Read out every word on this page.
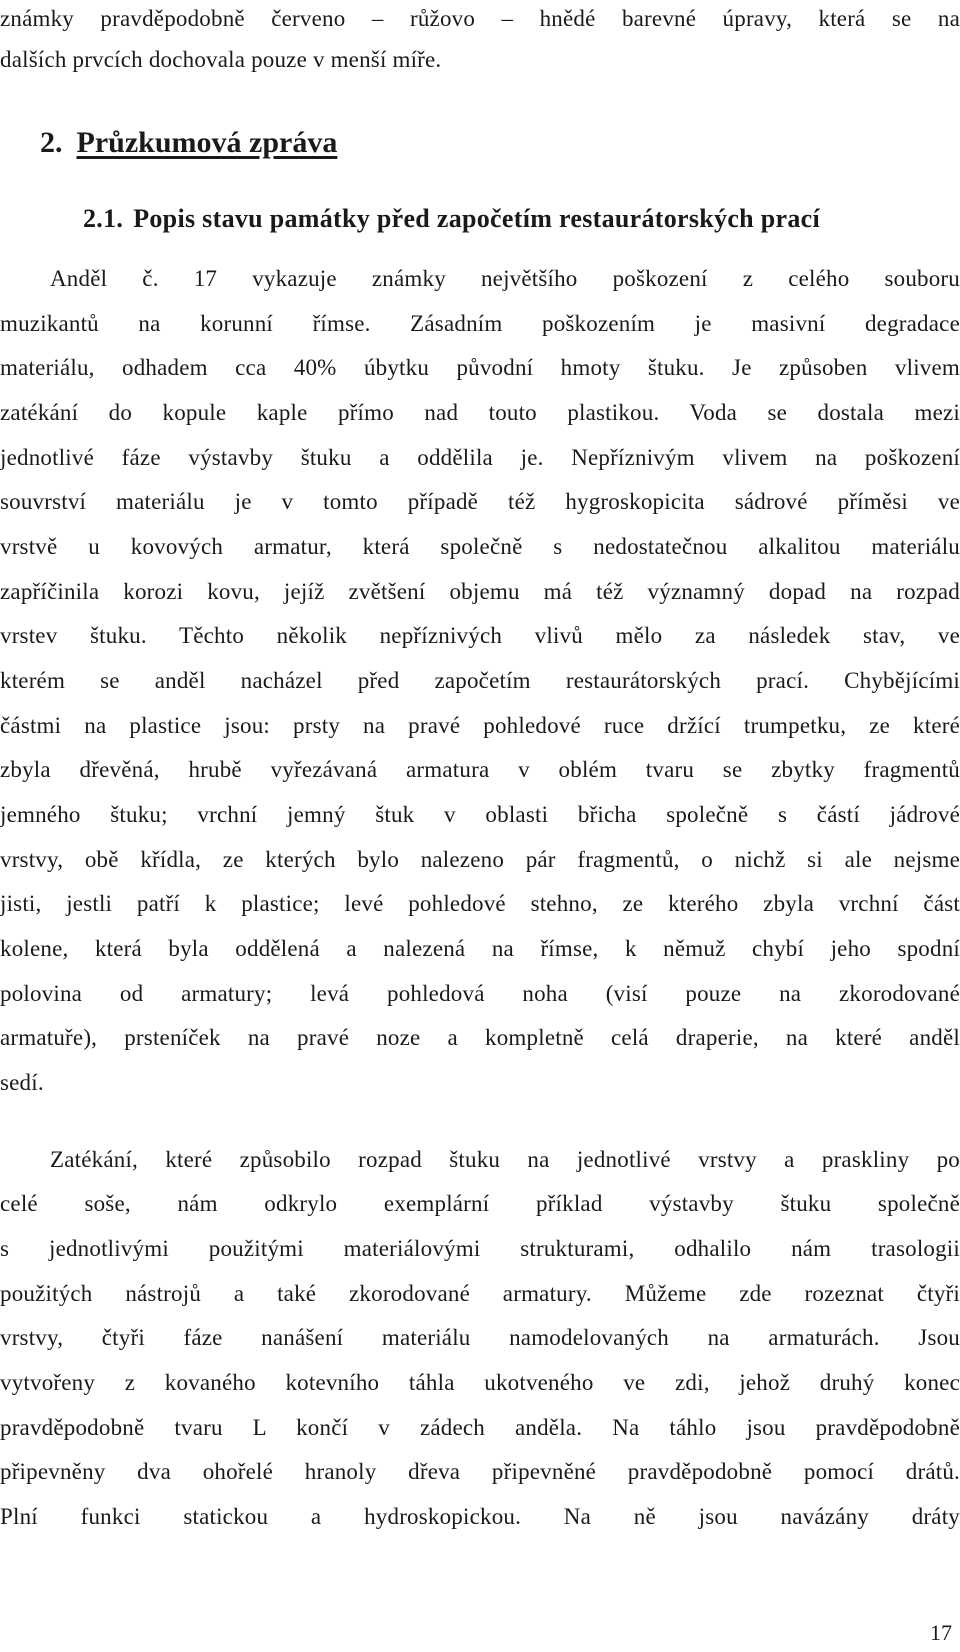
známky pravděpodobně červeno – růžovo – hnědé barevné úpravy, která se na
dalších prvcích dochovala pouze v menší míře.
2. Průzkumová zpráva
2.1. Popis stavu památky před započetím restaurátorských prací
Anděl č. 17 vykazuje známky největšího poškození z celého souboru
muzikantů na korunní římse. Zásadním poškozením je masivní degradace
materiálu, odhadem cca 40% úbytku původní hmoty štuku. Je způsoben vlivem
zatékání do kopule kaple přímo nad touto plastikou. Voda se dostala mezi
jednotlivé fáze výstavby štuku a oddělila je. Nepříznivým vlivem na poškození
souvrství materiálu je v tomto případě též hygroskopicita sádrové příměsi ve
vrstvě u kovových armatur, která společně s nedostatečnou alkalitou materiálu
zapříčinila korozi kovu, jejíž zvětšení objemu má též významný dopad na rozpad
vrstev štuku. Těchto několik nepříznivých vlivů mělo za následek stav, ve
kterém se anděl nacházel před započetím restaurátorských prací. Chybějícími
částmi na plastice jsou: prsty na pravé pohledové ruce držící trumpetku, ze které
zbyla dřevěná, hrubě vyřezávaná armatura v oblém tvaru se zbytky fragmentů
jemného štuku; vrchní jemný štuk v oblasti břicha společně s částí jádrové
vrstvy, obě křídla, ze kterých bylo nalezeno pár fragmentů, o nichž si ale nejsme
jisti, jestli patří k plastice; levé pohledové stehno, ze kterého zbyla vrchní část
kolene, která byla oddělená a nalezená na římse, k němuž chybí jeho spodní
polovina od armatury; levá pohledová noha (visí pouze na zkorodované
armatuře), prsteníček na pravé noze a kompletně celá draperie, na které anděl
sedí.
Zatékání, které způsobilo rozpad štuku na jednotlivé vrstvy a praskliny po
celé soše, nám odkrylo exemplární příklad výstavby štuku společně
s jednotlivými použitými materiálovými strukturami, odhalilo nám trasologii
použitých nástrojů a také zkorodované armatury. Můžeme zde rozeznat čtyři
vrstvy, čtyři fáze nanášení materiálu namodelovaných na armaturách. Jsou
vytvořeny z kovaného kotevního táhla ukotveného ve zdi, jehož druhý konec
pravděpodobně tvaru L končí v zádech anděla. Na táhlo jsou pravděpodobně
připevněny dva ohořelé hranoly dřeva připevněné pravděpodobně pomocí drátů.
Plní funkci statickou a hydroskopickou. Na ně jsou navázány dráty
17
